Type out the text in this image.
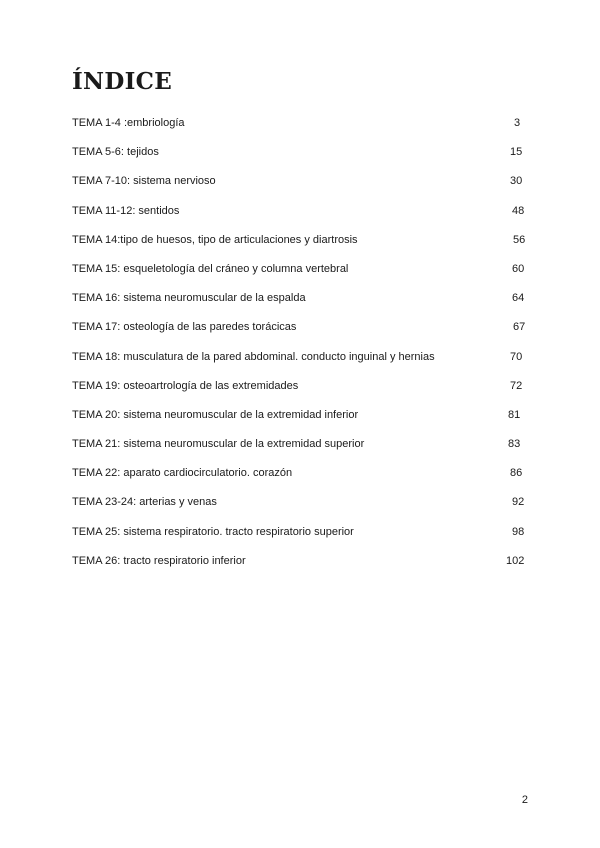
ÍNDICE
TEMA 1-4 :embriología	3
TEMA 5-6: tejidos	15
TEMA 7-10: sistema nervioso	30
TEMA 11-12: sentidos	48
TEMA 14:tipo de huesos, tipo de articulaciones y diartrosis	56
TEMA 15: esqueletología del cráneo y columna vertebral	60
TEMA 16: sistema neuromuscular de la espalda	64
TEMA 17: osteología de las paredes torácicas	67
TEMA 18: musculatura de la pared abdominal. conducto inguinal y hernias	70
TEMA 19: osteoartrología de las extremidades	72
TEMA 20: sistema neuromuscular de la extremidad inferior	81
TEMA 21: sistema neuromuscular de la extremidad superior	83
TEMA 22: aparato cardiocirculatorio. corazón	86
TEMA 23-24: arterias y venas	92
TEMA 25: sistema respiratorio. tracto respiratorio superior	98
TEMA 26: tracto respiratorio inferior	102
2
